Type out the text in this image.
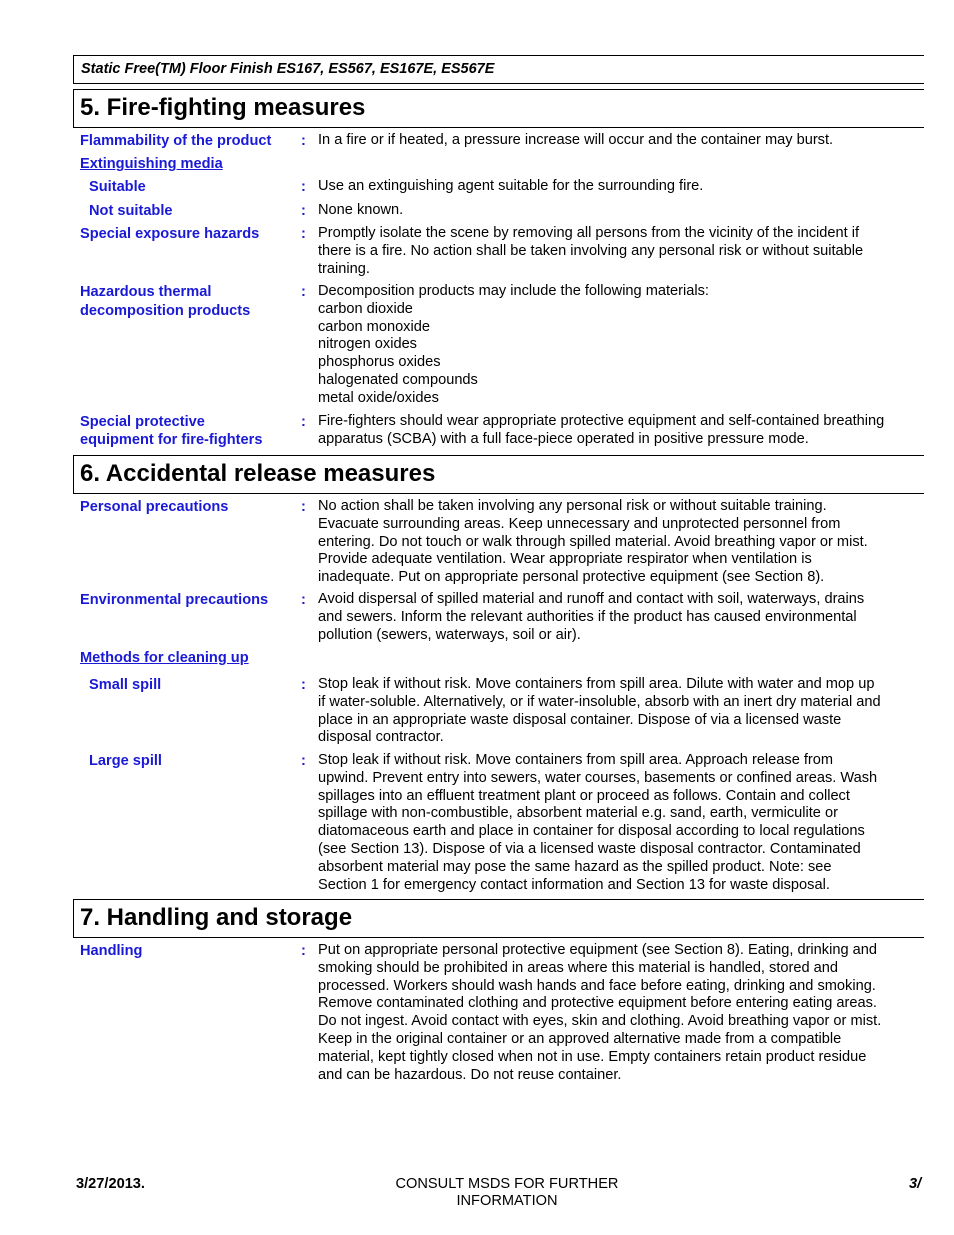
Static Free(TM) Floor Finish ES167, ES567, ES167E, ES567E
5. Fire-fighting measures
Flammability of the product	: In a fire or if heated, a pressure increase will occur and the container may burst.
Extinguishing media
Suitable	: Use an extinguishing agent suitable for the surrounding fire.
Not suitable	: None known.
Special exposure hazards	: Promptly isolate the scene by removing all persons from the vicinity of the incident if
there is a fire. No action shall be taken involving any personal risk or without suitable
training.
Hazardous thermal
decomposition products
: Decomposition products may include the following materials:
carbon dioxide
carbon monoxide
nitrogen oxides
phosphorus oxides
halogenated compounds
metal oxide/oxides
Special protective
equipment for fire-fighters
: Fire-fighters should wear appropriate protective equipment and self-contained breathing
apparatus (SCBA) with a full face-piece operated in positive pressure mode.
6. Accidental release measures
Personal precautions	: No action shall be taken involving any personal risk or without suitable training.
Evacuate surrounding areas. Keep unnecessary and unprotected personnel from
entering. Do not touch or walk through spilled material. Avoid breathing vapor or mist.
Provide adequate ventilation. Wear appropriate respirator when ventilation is
inadequate. Put on appropriate personal protective equipment (see Section 8).
Environmental precautions	: Avoid dispersal of spilled material and runoff and contact with soil, waterways, drains
and sewers. Inform the relevant authorities if the product has caused environmental
pollution (sewers, waterways, soil or air).
Methods for cleaning up
Small spill	: Stop leak if without risk. Move containers from spill area. Dilute with water and mop up
if water-soluble. Alternatively, or if water-insoluble, absorb with an inert dry material and
place in an appropriate waste disposal container. Dispose of via a licensed waste
disposal contractor.
Large spill	: Stop leak if without risk. Move containers from spill area. Approach release from
upwind. Prevent entry into sewers, water courses, basements or confined areas. Wash
spillages into an effluent treatment plant or proceed as follows. Contain and collect
spillage with non-combustible, absorbent material e.g. sand, earth, vermiculite or
diatomaceous earth and place in container for disposal according to local regulations
(see Section 13). Dispose of via a licensed waste disposal contractor. Contaminated
absorbent material may pose the same hazard as the spilled product. Note: see
Section 1 for emergency contact information and Section 13 for waste disposal.
7. Handling and storage
Handling	: Put on appropriate personal protective equipment (see Section 8). Eating, drinking and
smoking should be prohibited in areas where this material is handled, stored and
processed. Workers should wash hands and face before eating, drinking and smoking.
Remove contaminated clothing and protective equipment before entering eating areas.
Do not ingest. Avoid contact with eyes, skin and clothing. Avoid breathing vapor or mist.
Keep in the original container or an approved alternative made from a compatible
material, kept tightly closed when not in use. Empty containers retain product residue
and can be hazardous. Do not reuse container.
3/27/2013.	CONSULT MSDS FOR FURTHER
INFORMATION
3/
